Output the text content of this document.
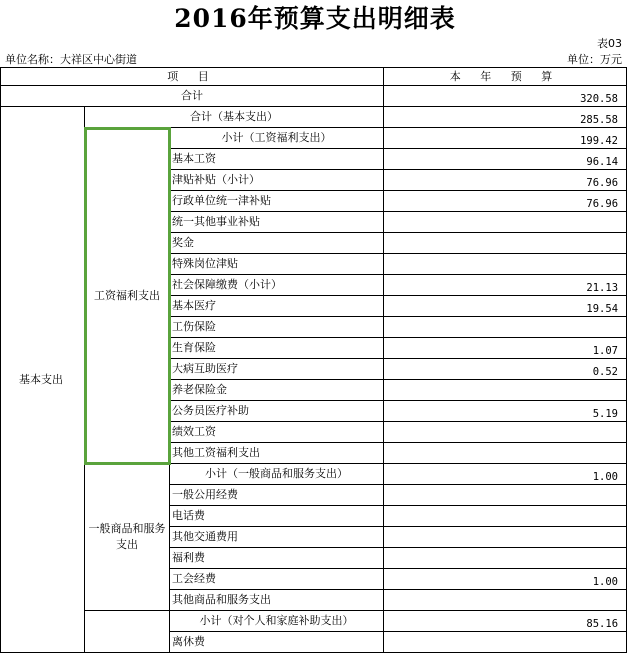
2016年预算支出明细表
表03
单位名称：大祥区中心街道	单位：万元
项 目			本 年 预 算
合计			320.58
基本支出	合计（基本支出）		285.58
	工资福利支出	小计（工资福利支出）	199.42
		基本工资	96.14
		津贴补贴（小计）	76.96
		行政单位统一津补贴	76.96
		统一其他事业补贴	
		奖金	
		特殊岗位津贴	
		社会保障缴费（小计）	21.13
		基本医疗	19.54
		工伤保险	
		生育保险	1.07
		大病互助医疗	0.52
		养老保险金	
		公务员医疗补助	5.19
		绩效工资	
		其他工资福利支出	
	一般商品和服务支出	小计（一般商品和服务支出）	1.00
		一般公用经费	
		电话费	
		其他交通费用	
		福利费	
		工会经费	1.00
		其他商品和服务支出	
		小计（对个人和家庭补助支出）	85.16
		离休费	
